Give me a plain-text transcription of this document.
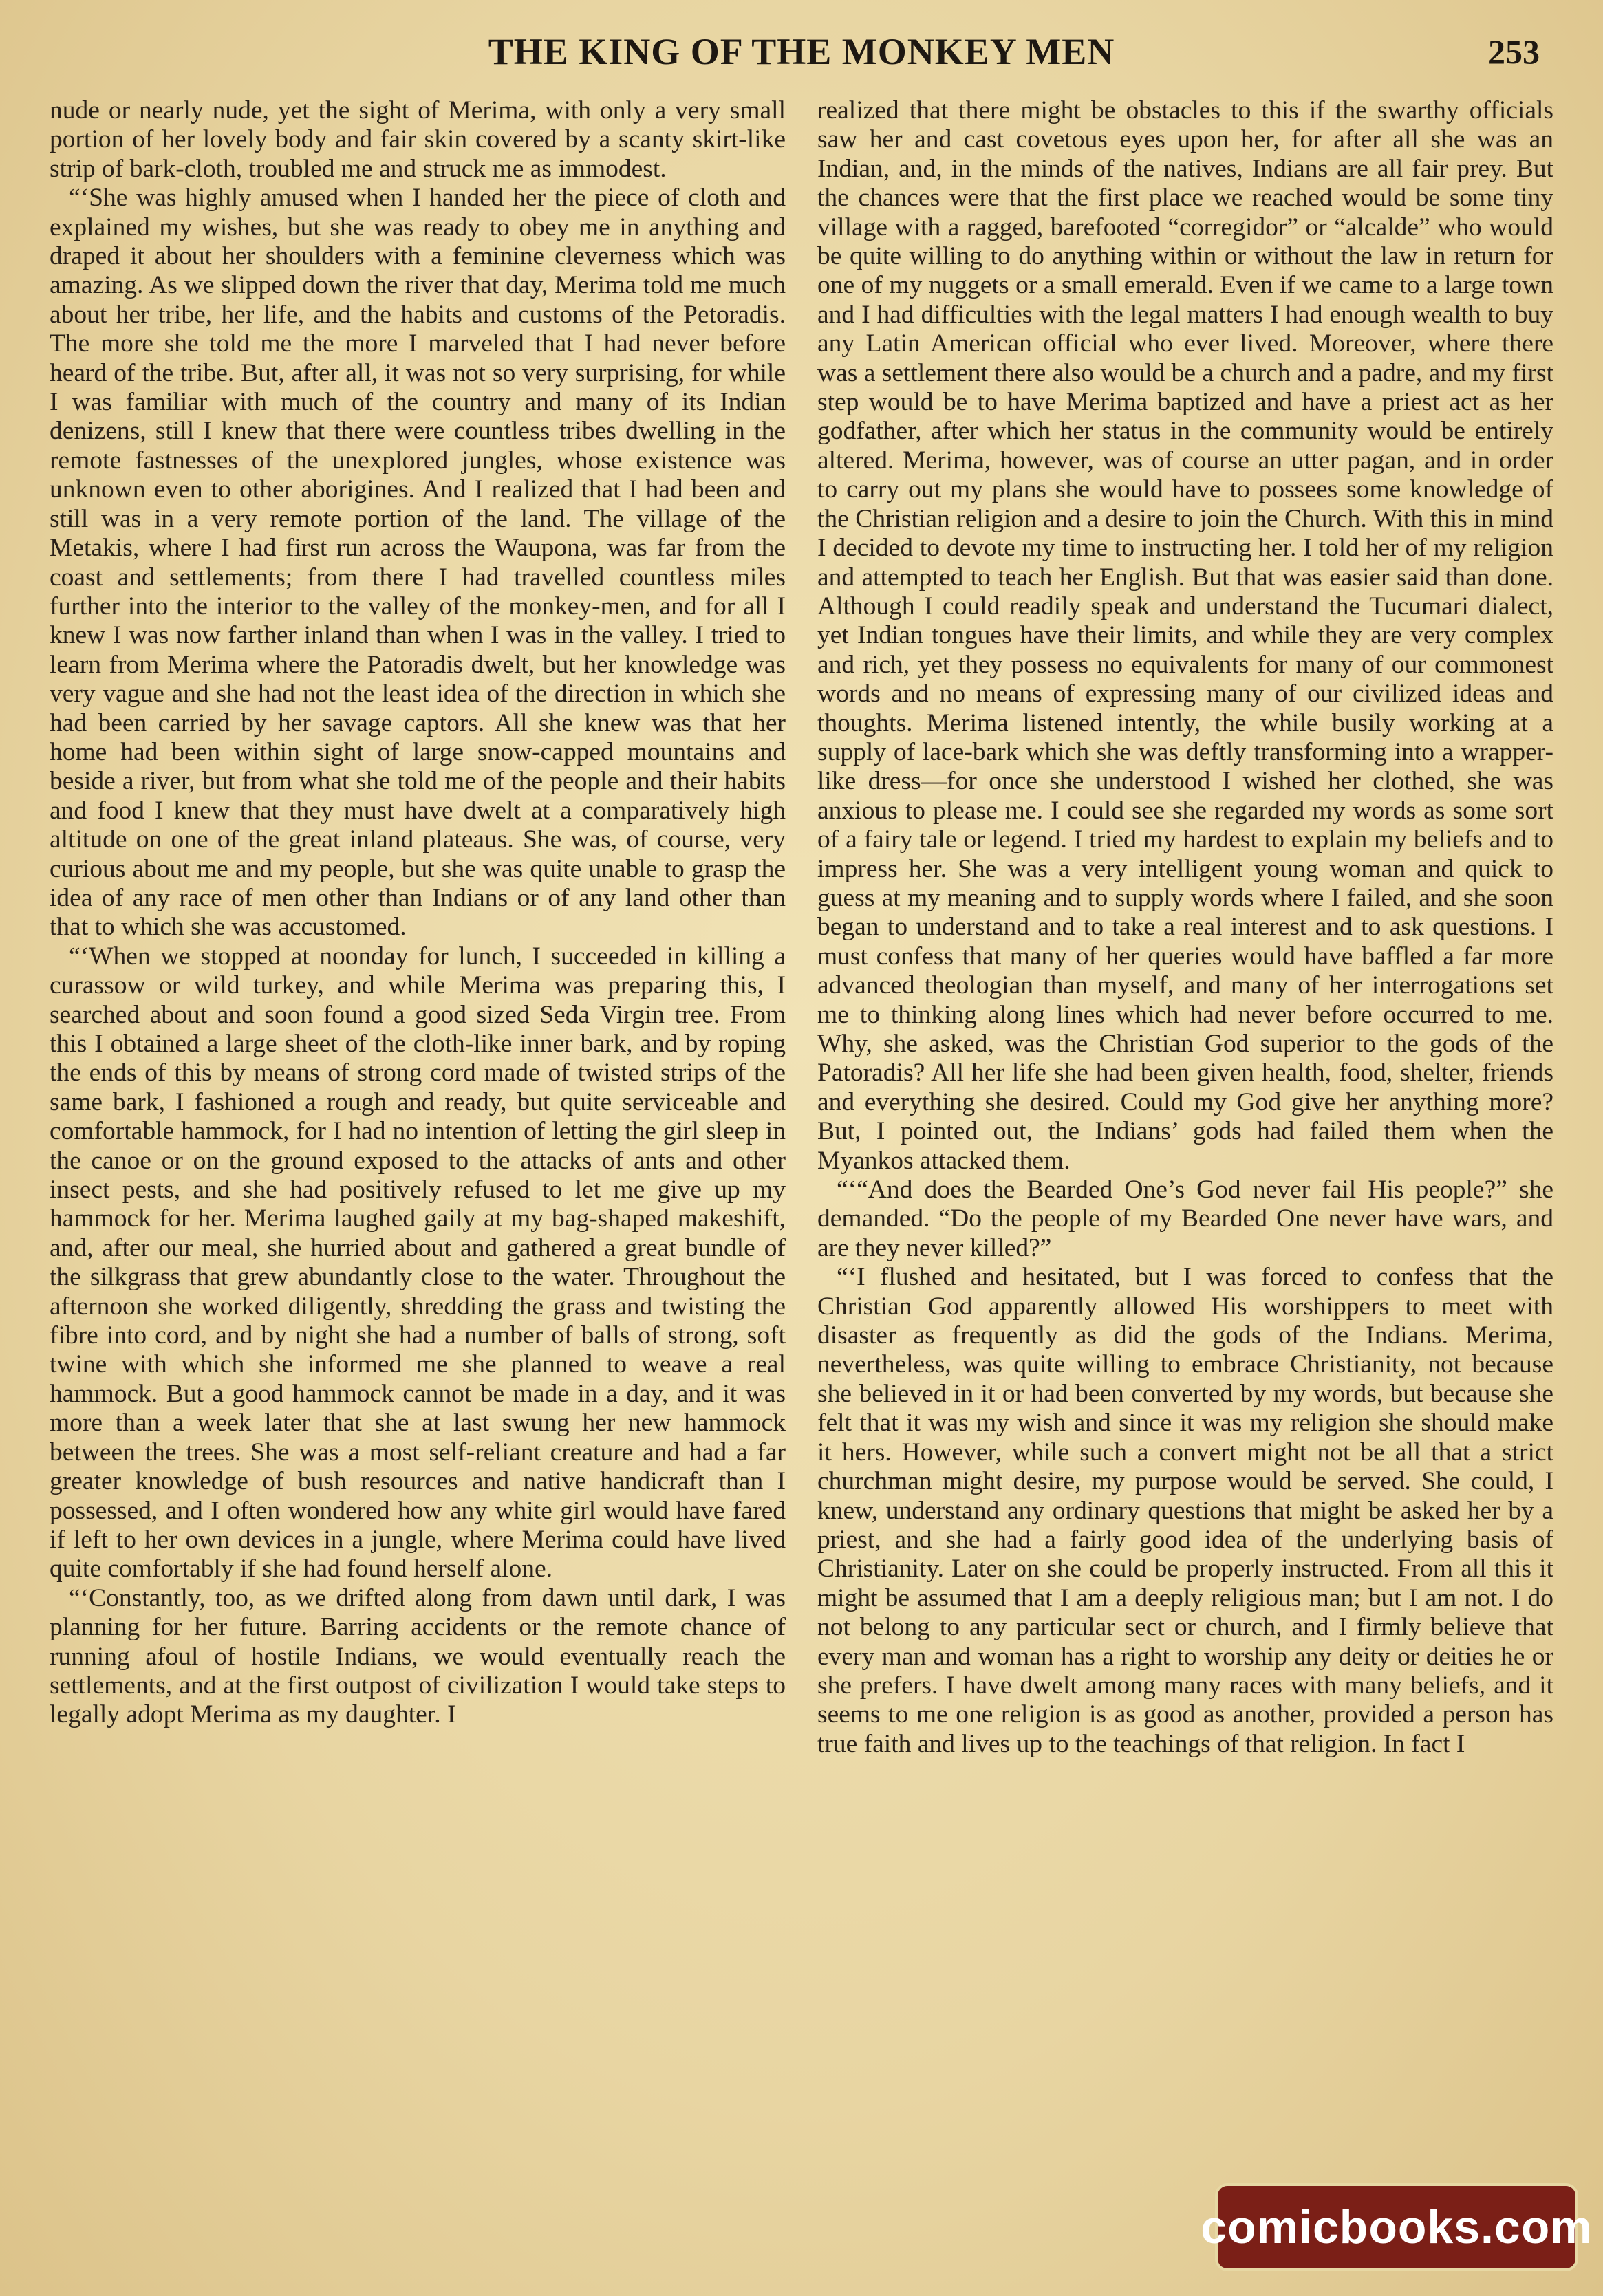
THE KING OF THE MONKEY MEN	253

nude or nearly nude, yet the sight of Merima, with only a very small portion of her lovely body and fair skin covered by a scanty skirt-like strip of bark-cloth, troubled me and struck me as immodest.

“‘She was highly amused when I handed her the piece of cloth and explained my wishes, but she was ready to obey me in anything and draped it about her shoulders with a feminine cleverness which was amazing. As we slipped down the river that day, Merima told me much about her tribe, her life, and the habits and customs of the Petoradis. The more she told me the more I marveled that I had never before heard of the tribe. But, after all, it was not so very surprising, for while I was familiar with much of the country and many of its Indian denizens, still I knew that there were countless tribes dwelling in the remote fastnesses of the unexplored jungles, whose existence was unknown even to other aborigines. And I realized that I had been and still was in a very remote portion of the land. The village of the Metakis, where I had first run across the Waupona, was far from the coast and settlements; from there I had travelled countless miles further into the interior to the valley of the monkey-men, and for all I knew I was now farther inland than when I was in the valley. I tried to learn from Merima where the Patoradis dwelt, but her knowledge was very vague and she had not the least idea of the direction in which she had been carried by her savage captors. All she knew was that her home had been within sight of large snow-capped mountains and beside a river, but from what she told me of the people and their habits and food I knew that they must have dwelt at a comparatively high altitude on one of the great inland plateaus. She was, of course, very curious about me and my people, but she was quite unable to grasp the idea of any race of men other than Indians or of any land other than that to which she was accustomed.

“‘When we stopped at noonday for lunch, I succeeded in killing a curassow or wild turkey, and while Merima was preparing this, I searched about and soon found a good sized Seda Virgin tree. From this I obtained a large sheet of the cloth-like inner bark, and by roping the ends of this by means of strong cord made of twisted strips of the same bark, I fashioned a rough and ready, but quite serviceable and comfortable hammock, for I had no intention of letting the girl sleep in the canoe or on the ground exposed to the attacks of ants and other insect pests, and she had positively refused to let me give up my hammock for her. Merima laughed gaily at my bag-shaped makeshift, and, after our meal, she hurried about and gathered a great bundle of the silkgrass that grew abundantly close to the water. Throughout the afternoon she worked diligently, shredding the grass and twisting the fibre into cord, and by night she had a number of balls of strong, soft twine with which she informed me she planned to weave a real hammock. But a good hammock cannot be made in a day, and it was more than a week later that she at last swung her new hammock between the trees. She was a most self-reliant creature and had a far greater knowledge of bush resources and native handicraft than I possessed, and I often wondered how any white girl would have fared if left to her own devices in a jungle, where Merima could have lived quite comfortably if she had found herself alone.

“‘Constantly, too, as we drifted along from dawn until dark, I was planning for her future. Barring accidents or the remote chance of running afoul of hostile Indians, we would eventually reach the settlements, and at the first outpost of civilization I would take steps to legally adopt Merima as my daughter. I

realized that there might be obstacles to this if the swarthy officials saw her and cast covetous eyes upon her, for after all she was an Indian, and, in the minds of the natives, Indians are all fair prey. But the chances were that the first place we reached would be some tiny village with a ragged, barefooted “corregidor” or “alcalde” who would be quite willing to do anything within or without the law in return for one of my nuggets or a small emerald. Even if we came to a large town and I had difficulties with the legal matters I had enough wealth to buy any Latin American official who ever lived. Moreover, where there was a settlement there also would be a church and a padre, and my first step would be to have Merima baptized and have a priest act as her godfather, after which her status in the community would be entirely altered. Merima, however, was of course an utter pagan, and in order to carry out my plans she would have to possees some knowledge of the Christian religion and a desire to join the Church. With this in mind I decided to devote my time to instructing her. I told her of my religion and attempted to teach her English. But that was easier said than done. Although I could readily speak and understand the Tucumari dialect, yet Indian tongues have their limits, and while they are very complex and rich, yet they possess no equivalents for many of our commonest words and no means of expressing many of our civilized ideas and thoughts. Merima listened intently, the while busily working at a supply of lace-bark which she was deftly transforming into a wrapper-like dress—for once she understood I wished her clothed, she was anxious to please me. I could see she regarded my words as some sort of a fairy tale or legend. I tried my hardest to explain my beliefs and to impress her. She was a very intelligent young woman and quick to guess at my meaning and to supply words where I failed, and she soon began to understand and to take a real interest and to ask questions. I must confess that many of her queries would have baffled a far more advanced theologian than myself, and many of her interrogations set me to thinking along lines which had never before occurred to me. Why, she asked, was the Christian God superior to the gods of the Patoradis? All her life she had been given health, food, shelter, friends and everything she desired. Could my God give her anything more? But, I pointed out, the Indians’ gods had failed them when the Myankos attacked them.

“‘“And does the Bearded One’s God never fail His people?” she demanded. “Do the people of my Bearded One never have wars, and are they never killed?”

“‘I flushed and hesitated, but I was forced to confess that the Christian God apparently allowed His worshippers to meet with disaster as frequently as did the gods of the Indians. Merima, nevertheless, was quite willing to embrace Christianity, not because she believed in it or had been converted by my words, but because she felt that it was my wish and since it was my religion she should make it hers. However, while such a convert might not be all that a strict churchman might desire, my purpose would be served. She could, I knew, understand any ordinary questions that might be asked her by a priest, and she had a fairly good idea of the underlying basis of Christianity. Later on she could be properly instructed. From all this it might be assumed that I am a deeply religious man; but I am not. I do not belong to any particular sect or church, and I firmly believe that every man and woman has a right to worship any deity or deities he or she prefers. I have dwelt among many races with many beliefs, and it seems to me one religion is as good as another, provided a person has true faith and lives up to the teachings of that religion. In fact I

comicbooks.com
